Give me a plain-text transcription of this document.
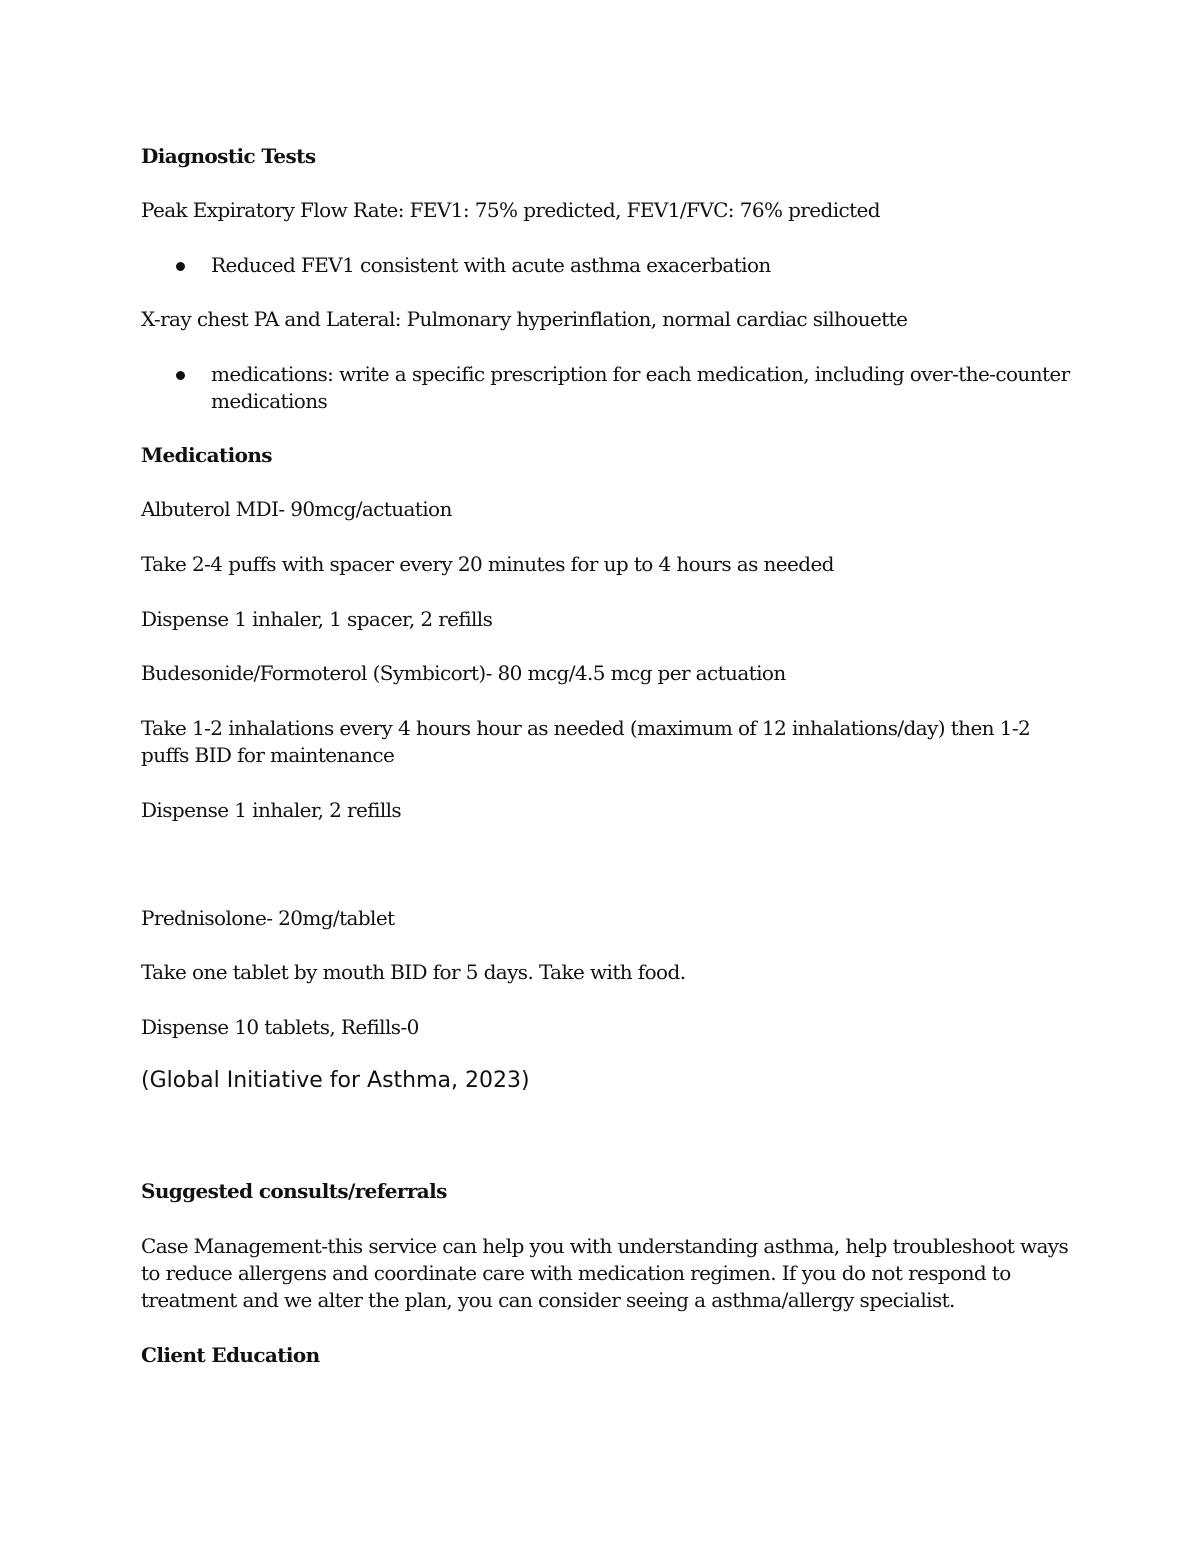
Diagnostic Tests
Peak Expiratory Flow Rate: FEV1: 75% predicted, FEV1/FVC: 76% predicted
Reduced FEV1 consistent with acute asthma exacerbation
X-ray chest PA and Lateral: Pulmonary hyperinflation, normal cardiac silhouette
medications: write a specific prescription for each medication, including over-the-counter
medications
Medications
Albuterol MDI- 90mcg/actuation
Take 2-4 puffs with spacer every 20 minutes for up to 4 hours as needed
Dispense 1 inhaler, 1 spacer, 2 refills
Budesonide/Formoterol (Symbicort)- 80 mcg/4.5 mcg per actuation
Take 1-2 inhalations every 4 hours hour as needed (maximum of 12 inhalations/day) then 1-2
puffs BID for maintenance
Dispense 1 inhaler, 2 refills
Prednisolone- 20mg/tablet
Take one tablet by mouth BID for 5 days. Take with food.
Dispense 10 tablets, Refills-0
(Global Initiative for Asthma, 2023)
Suggested consults/referrals
Case Management-this service can help you with understanding asthma, help troubleshoot ways
to reduce allergens and coordinate care with medication regimen. If you do not respond to
treatment and we alter the plan, you can consider seeing a asthma/allergy specialist.
Client Education
